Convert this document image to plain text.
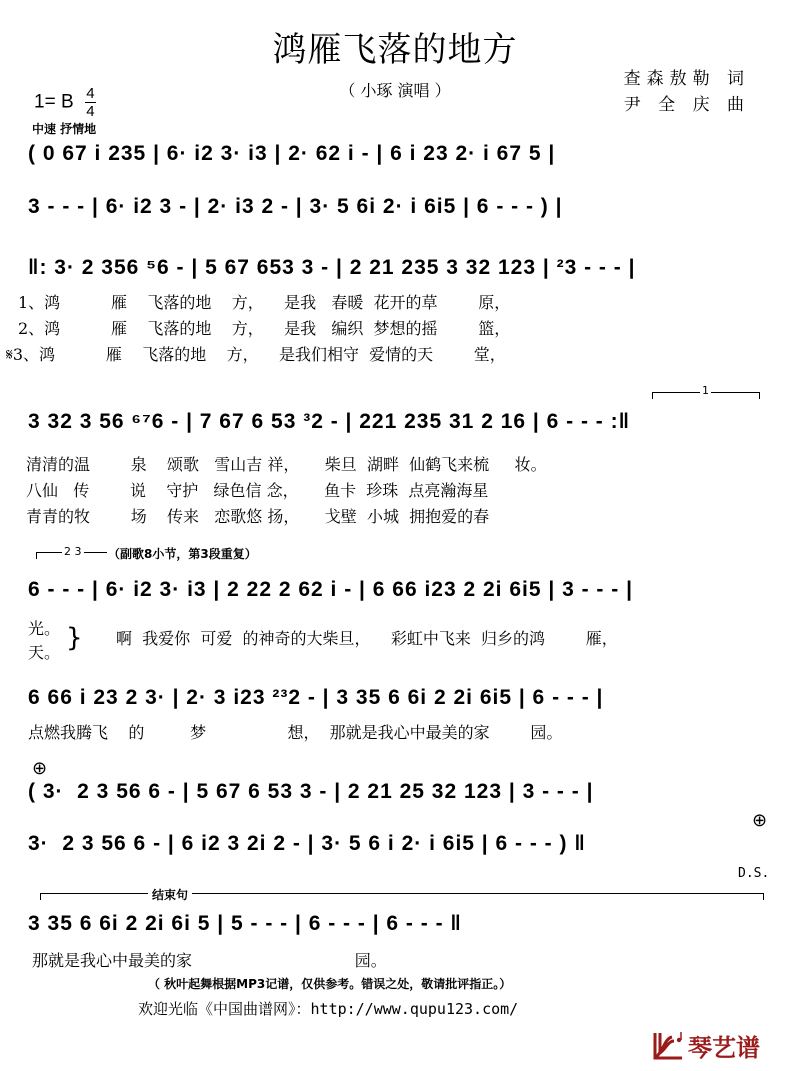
鸿雁飞落的地方
（ 小琢 演唱 ）
查森敖勒 词
尹 全 庆 曲
1= B $\frac{4}{4}$
中速 抒情地
( 0 67 i 235 | 6· i2 3· i3 | 2· 62 i - | 6 i 23 2· i 67 5 |
3 - - - | 6· i2 3 - | 2· i3 2 - | 3· 5 6i 2· i 6i5 | 6 - - - ) |
‖: 3· 2 356 ⁵6 - | 5 67 653 3 - | 2 21 235 3 32 123 | ²3 - - - |
1、鸿          雁    飞落的地    方，    是我   春暖  花开的草        原，
2、鸿          雁    飞落的地    方，    是我   编织  梦想的摇        篮，
𝄋3、鸿          雁    飞落的地    方，    是我们相守  爱情的天        堂，
1
3 32 3 56 ⁶⁷6 - | 7 67 6 53 ³2 - | 221 235 31 2 16 | 6 - - - :‖
清清的温        泉    颂歌   雪山吉 祥，     柴旦  湖畔  仙鹤飞来梳     妆。
八仙   传        说    守护   绿色信 念，     鱼卡  珍珠  点亮瀚海星
青青的牧        场    传来   恋歌悠 扬，     戈壁  小城  拥抱爱的春
2 3 （副歌8小节，第3段重复）
6 - - - | 6· i2 3· i3 | 2 22 2 62 i - | 6 66 i23 2 2i 6i5 | 3 - - - |
光。
天。 } 啊  我爱你  可爱  的神奇的大柴旦，    彩虹中飞来  归乡的鸿        雁，
6 66 i 23 2 3· | 2· 3 i23 ²³2 - | 3 35 6 6i 2 2i 6i5 | 6 - - - |
点燃我腾飞    的         梦                想，  那就是我心中最美的家        园。
⊕
( 3·  2 3 56 6 - | 5 67 6 53 3 - | 2 21 25 32 123 | 3 - - - |
3·  2 3 56 6 - | 6 i2 3 2i 2 - | 3· 5 6 i 2· i 6i5 | 6 - - - ) ‖
⊕
D.S.
结束句
3 35 6 6i 2 2i 6i 5 | 5 - - - | 6 - - - | 6 - - - ‖
那就是我心中最美的家                                园。
（ 秋叶起舞根据MP3记谱，仅供参考。错误之处，敬请批评指正。）
欢迎光临《中国曲谱网》：http://www.qupu123.com/
琴艺谱
